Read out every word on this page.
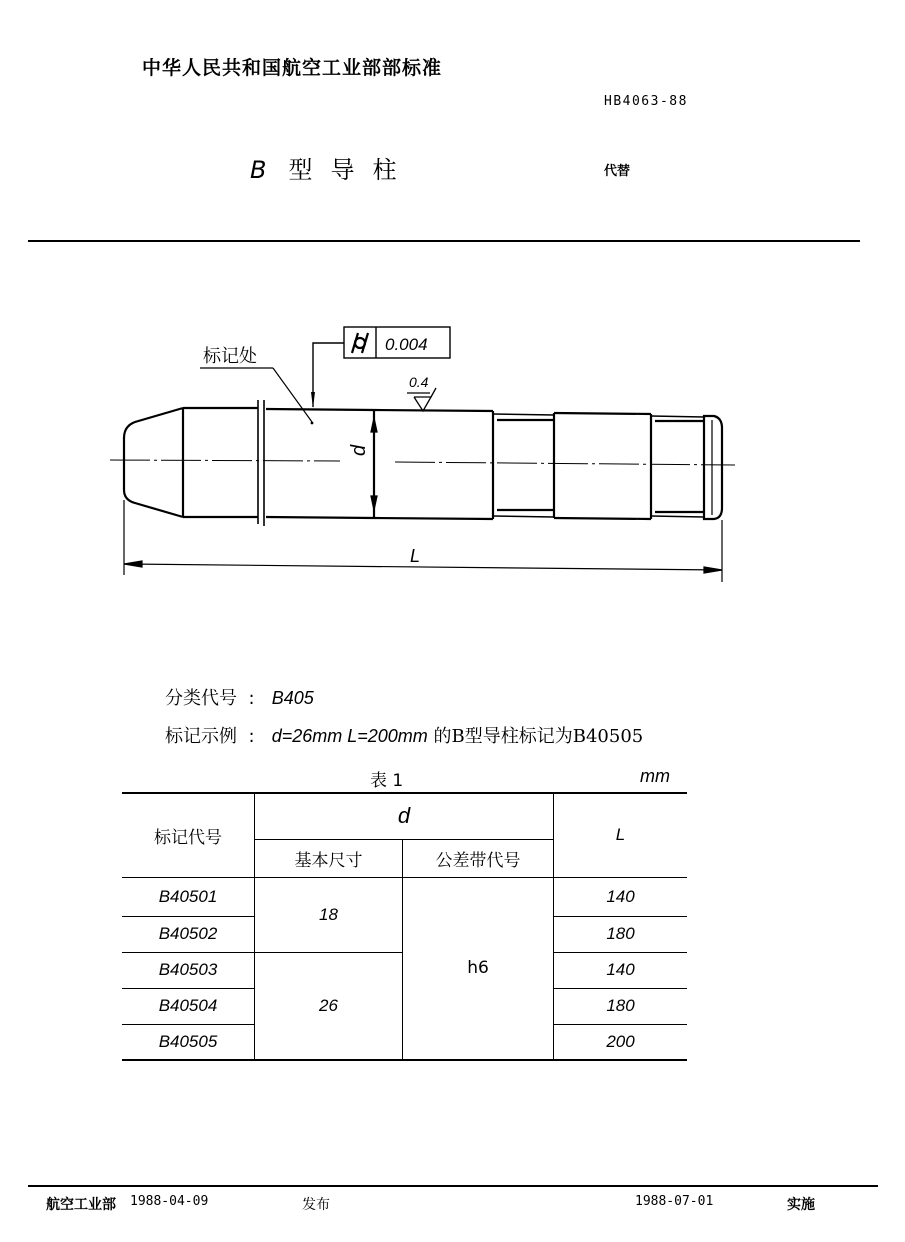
中华人民共和国航空工业部部标准
HB4063-88
B 型导柱	代替
d
L
标记处
0.004
0.4
分类代号  :   B405
标记示例  :   d=26mm L=200mm 的B型导柱标记为B40505
表 1	mm
标记代号	d		L
	基本尺寸	公差带代号	
B40501	18	h6	140
B40502			180
B40503	26		140
B40504			180
B40505			200
航空工业部 1988-04-09	发布	1988-07-01	实施
